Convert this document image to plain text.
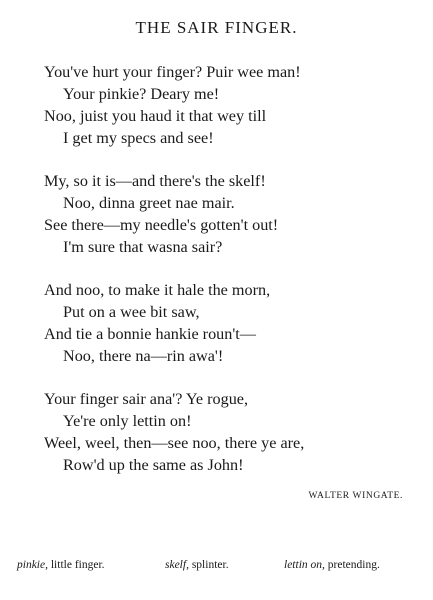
THE SAIR FINGER.
You've hurt your finger? Puir wee man!
Your pinkie? Deary me!
Noo, juist you haud it that wey till
I get my specs and see!
My, so it is—and there's the skelf!
Noo, dinna greet nae mair.
See there—my needle's gotten't out!
I'm sure that wasna sair?
And noo, to make it hale the morn,
Put on a wee bit saw,
And tie a bonnie hankie roun't—
Noo, there na—rin awa'!
Your finger sair ana'? Ye rogue,
Ye're only lettin on!
Weel, weel, then—see noo, there ye are,
Row'd up the same as John!

WALTER WINGATE.

pinkie, little finger.	skelf, splinter.	lettin on, pretending.
